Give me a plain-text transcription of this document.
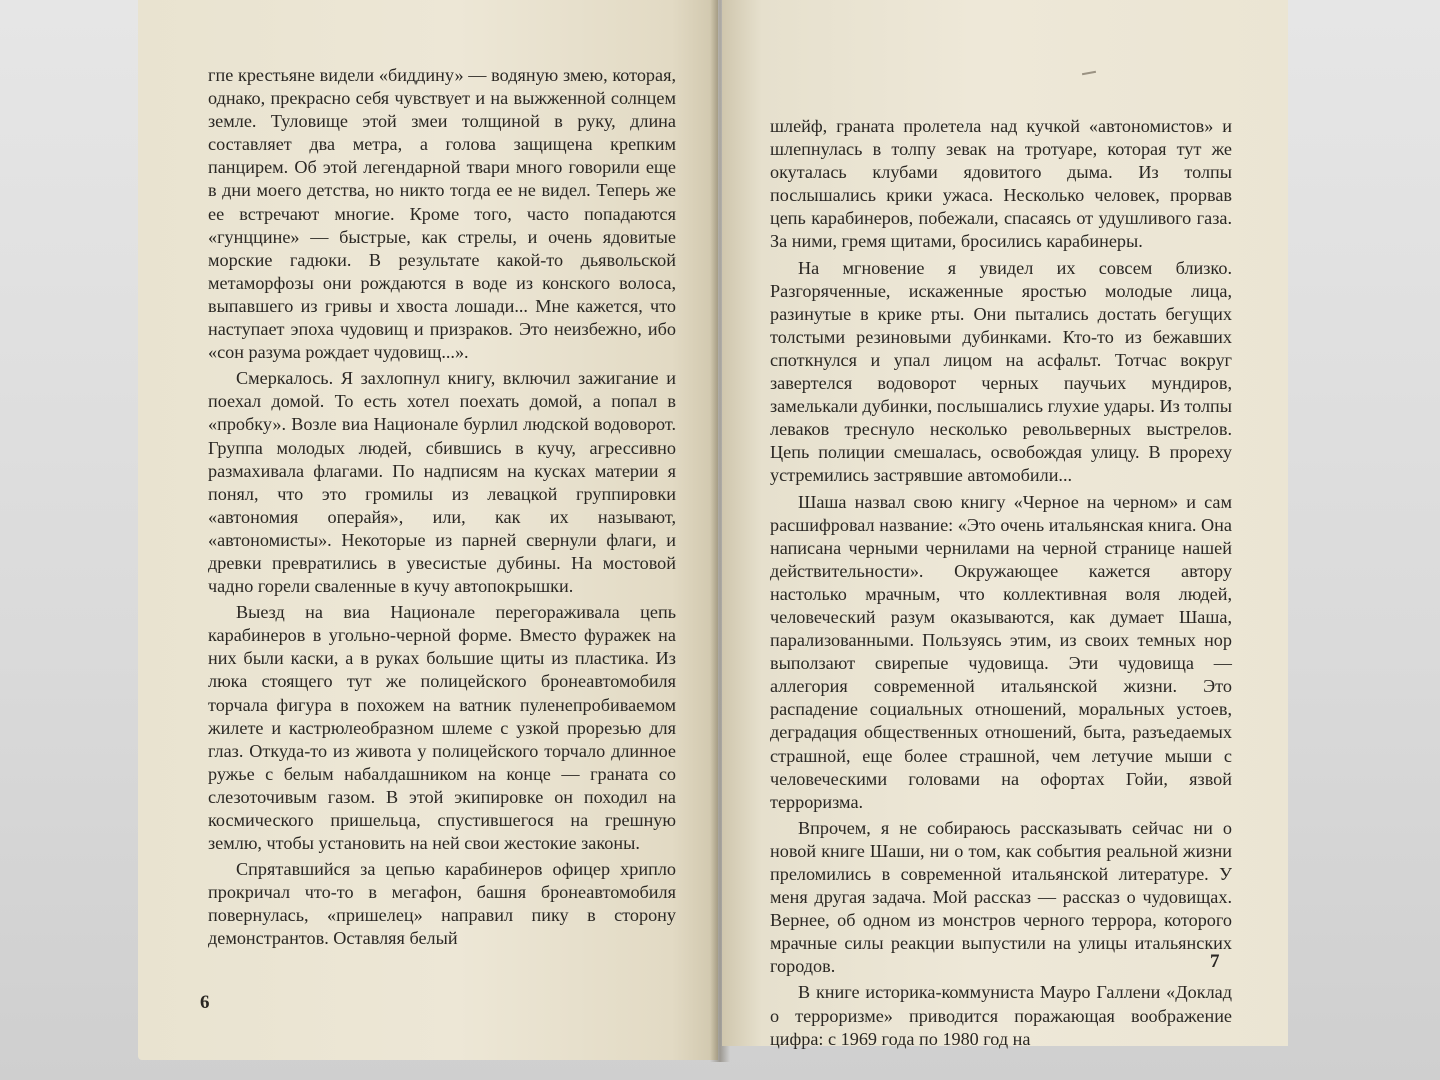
гпе крестьяне видели «биддину» — водяную змею, которая, однако, прекрасно себя чувствует и на выжженной солнцем земле. Туловище этой змеи толщиной в руку, длина составляет два метра, а голова защищена крепким панцирем. Об этой легендарной твари много говорили еще в дни моего детства, но никто тогда ее не видел. Теперь же ее встречают многие. Кроме того, часто попадаются «гунццине» — быстрые, как стрелы, и очень ядовитые морские гадюки. В результате какой-то дьявольской метаморфозы они рождаются в воде из конского волоса, выпавшего из гривы и хвоста лошади... Мне кажется, что наступает эпоха чудовищ и призраков. Это неизбежно, ибо «сон разума рождает чудовищ...».

Смеркалось. Я захлопнул книгу, включил зажигание и поехал домой. То есть хотел поехать домой, а попал в «пробку». Возле виа Национале бурлил людской водоворот. Группа молодых людей, сбившись в кучу, агрессивно размахивала флагами. По надписям на кусках материи я понял, что это громилы из левацкой группировки «автономия операйя», или, как их называют, «автономисты». Некоторые из парней свернули флаги, и древки превратились в увесистые дубины. На мостовой чадно горели сваленные в кучу автопокрышки.

Выезд на виа Национале перегораживала цепь карабинеров в угольно-черной форме. Вместо фуражек на них были каски, а в руках большие щиты из пластика. Из люка стоящего тут же полицейского бронеавтомобиля торчала фигура в похожем на ватник пуленепробиваемом жилете и кастрюлеобразном шлеме с узкой прорезью для глаз. Откуда-то из живота у полицейского торчало длинное ружье с белым набалдашником на конце — граната со слезоточивым газом. В этой экипировке он походил на космического пришельца, спустившегося на грешную землю, чтобы установить на ней свои жестокие законы.

Спрятавшийся за цепью карабинеров офицер хрипло прокричал что-то в мегафон, башня бронеавтомобиля повернулась, «пришелец» направил пику в сторону демонстрантов. Оставляя белый

6

шлейф, граната пролетела над кучкой «автономистов» и шлепнулась в толпу зевак на тротуаре, которая тут же окуталась клубами ядовитого дыма. Из толпы послышались крики ужаса. Несколько человек, прорвав цепь карабинеров, побежали, спасаясь от удушливого газа. За ними, гремя щитами, бросились карабинеры.

На мгновение я увидел их совсем близко. Разгоряченные, искаженные яростью молодые лица, разинутые в крике рты. Они пытались достать бегущих толстыми резиновыми дубинками. Кто-то из бежавших споткнулся и упал лицом на асфальт. Тотчас вокруг завертелся водоворот черных паучьих мундиров, замелькали дубинки, послышались глухие удары. Из толпы леваков треснуло несколько револьверных выстрелов. Цепь полиции смешалась, освобождая улицу. В прореху устремились застрявшие автомобили...

Шаша назвал свою книгу «Черное на черном» и сам расшифровал название: «Это очень итальянская книга. Она написана черными чернилами на черной странице нашей действительности». Окружающее кажется автору настолько мрачным, что коллективная воля людей, человеческий разум оказываются, как думает Шаша, парализованными. Пользуясь этим, из своих темных нор выползают свирепые чудовища. Эти чудовища — аллегория современной итальянской жизни. Это распадение социальных отношений, моральных устоев, деградация общественных отношений, быта, разъедаемых страшной, еще более страшной, чем летучие мыши с человеческими головами на офортах Гойи, язвой терроризма.

Впрочем, я не собираюсь рассказывать сейчас ни о новой книге Шаши, ни о том, как события реальной жизни преломились в современной итальянской литературе. У меня другая задача. Мой рассказ — рассказ о чудовищах. Вернее, об одном из монстров черного террора, которого мрачные силы реакции выпустили на улицы итальянских городов.

В книге историка-коммуниста Мауро Галлени «Доклад о терроризме» приводится поражающая воображение цифра: с 1969 года по 1980 год на

7
